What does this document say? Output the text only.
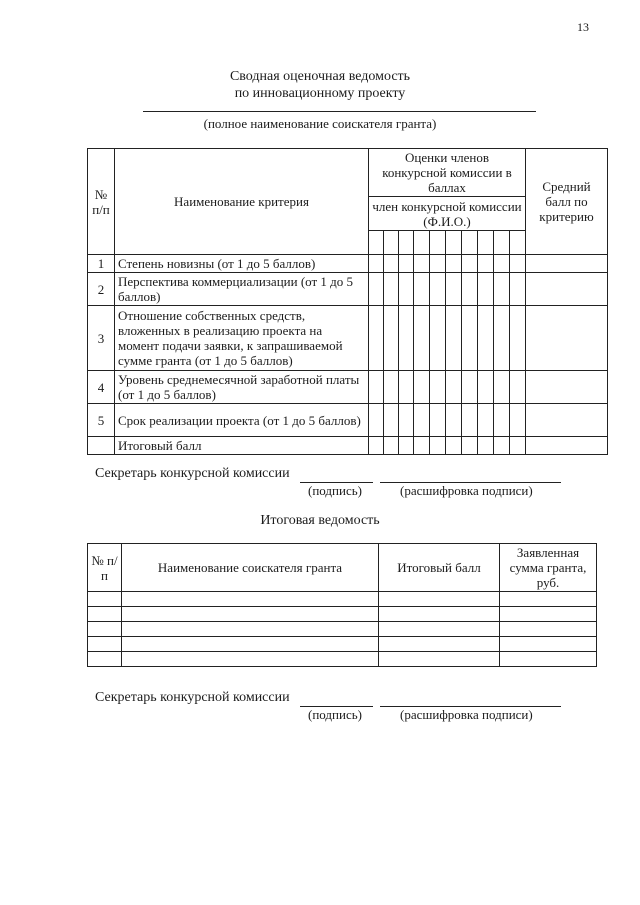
13
Сводная оценочная ведомость
по инновационному проекту
(полное наименование соискателя гранта)
№ п/п	Наименование критерия	Оценки членов конкурсной комиссии в баллах										Средний балл по критерию
		член конкурсной комиссии (Ф.И.О.)										

1	Степень новизны (от 1 до 5 баллов)											
2	Перспектива коммерциализации (от 1 до 5 баллов)											
3	Отношение собственных средств, вложенных в реализацию проекта на момент подачи заявки, к запрашиваемой сумме гранта (от 1 до 5 баллов)											
4	Уровень среднемесячной заработной платы (от 1 до 5 баллов)											
5	Срок реализации проекта (от 1 до 5 баллов)											
	Итоговый балл											
Секретарь конкурсной комиссии
(подпись)	(расшифровка подписи)
Итоговая ведомость
№ п/п	Наименование соискателя гранта	Итоговый балл	Заявленная сумма гранта, руб.

Секретарь конкурсной комиссии
(подпись)	(расшифровка подписи)
